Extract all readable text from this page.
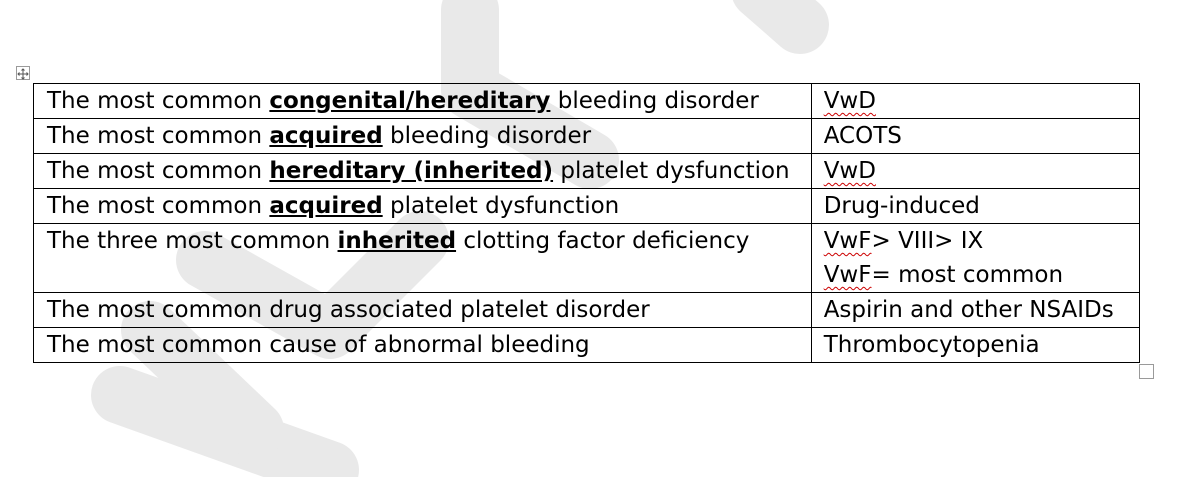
The most common congenital/hereditary bleeding disorder	VwD
The most common acquired bleeding disorder	ACOTS
The most common hereditary (inherited) platelet dysfunction	VwD
The most common acquired platelet dysfunction	Drug-induced
The three most common inherited clotting factor deficiency	VwF> VIII> IX
VwF= most common

The most common drug associated platelet disorder	Aspirin and other NSAIDs
The most common cause of abnormal bleeding	Thrombocytopenia
